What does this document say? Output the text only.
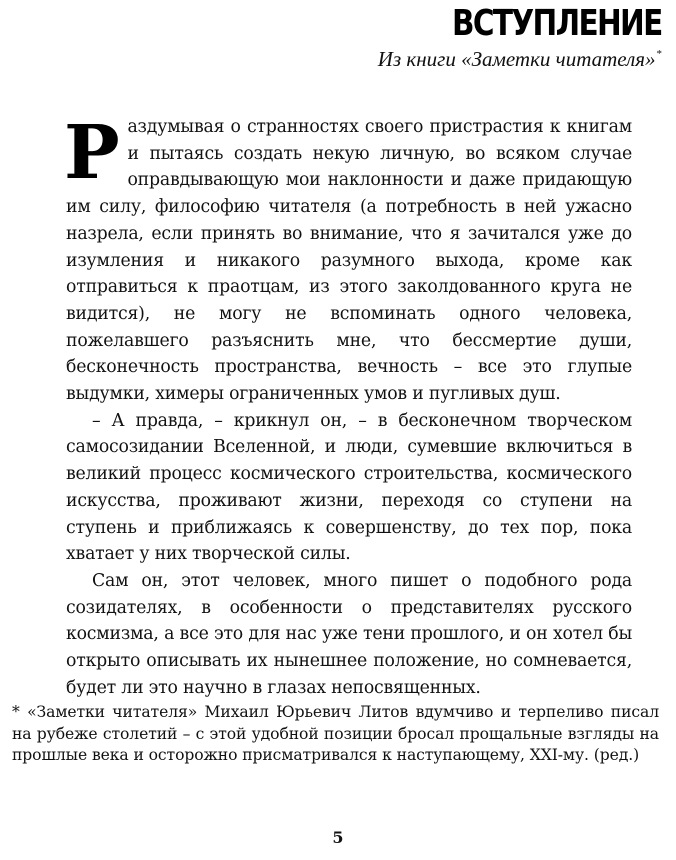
ВСТУПЛЕНИЕ
Из книги «Заметки читателя»*

Раздумывая о странностях своего пристрастия к книгам и пытаясь создать некую личную, во всяком случае оправдывающую мои наклонности и даже придающую им силу, философию читателя (а потребность в ней ужасно назрела, если принять во внимание, что я зачитался уже до изумления и никакого разумного выхода, кроме как отправиться к праотцам, из этого заколдованного круга не видится), не могу не вспоминать одного человека, пожелавшего разъяснить мне, что бессмертие души, бесконечность пространства, вечность – все это глупые выдумки, химеры ограниченных умов и пугливых душ.

– А правда, – крикнул он, – в бесконечном творческом самосозидании Вселенной, и люди, сумевшие включиться в великий процесс космического строительства, космического искусства, проживают жизни, переходя со ступени на ступень и приближаясь к совершенству, до тех пор, пока хватает у них творческой силы.

Сам он, этот человек, много пишет о подобного рода созидателях, в особенности о представителях русского космизма, а все это для нас уже тени прошлого, и он хотел бы открыто описывать их нынешнее положение, но сомневается, будет ли это научно в глазах непосвященных.

* «Заметки читателя» Михаил Юрьевич Литов вдумчиво и терпеливо писал на рубеже столетий – с этой удобной позиции бросал прощальные взгляды на прошлые века и осторожно присматривался к наступающему, XXI-му. (ред.)

5
